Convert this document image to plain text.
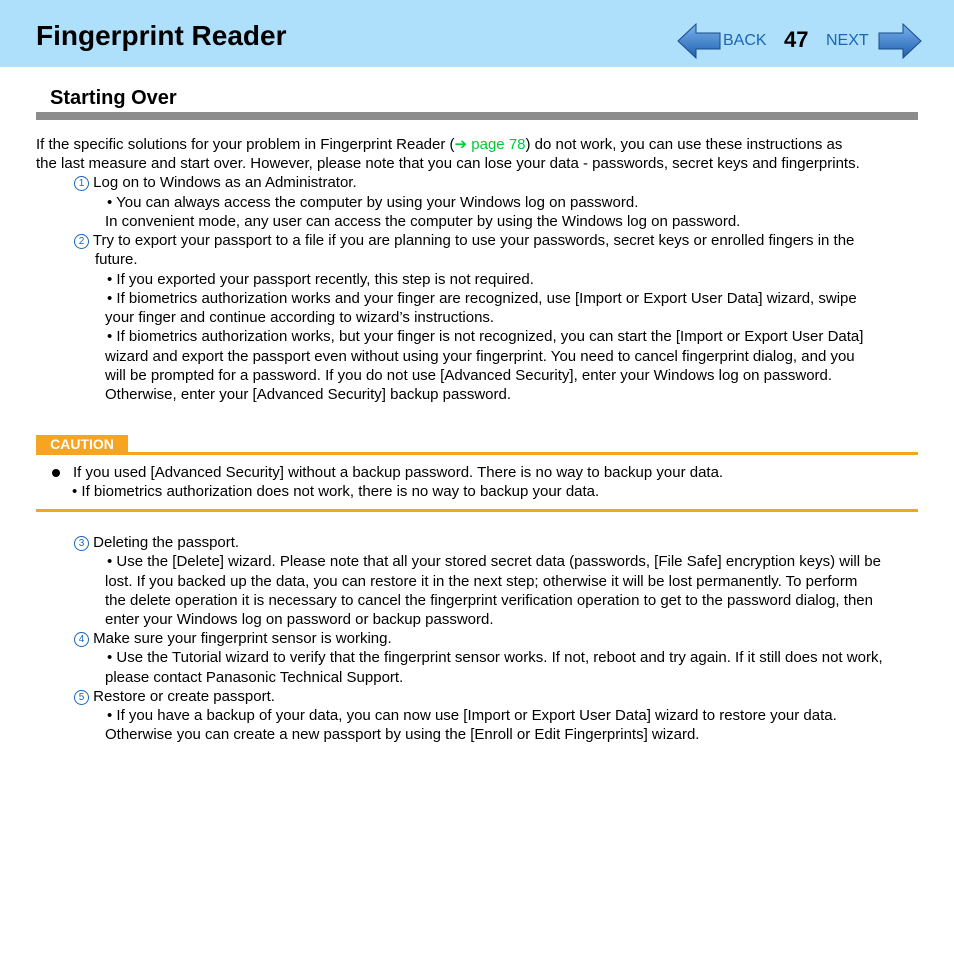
Fingerprint Reader	BACK 47 NEXT
Starting Over
If the specific solutions for your problem in Fingerprint Reader (➔ page 78) do not work, you can use these instructions as
the last measure and start over. However, please note that you can lose your data - passwords, secret keys and fingerprints.
1 Log on to Windows as an Administrator.
• You can always access the computer by using your Windows log on password.
In convenient mode, any user can access the computer by using the Windows log on password.
2 Try to export your passport to a file if you are planning to use your passwords, secret keys or enrolled fingers in the
future.
• If you exported your passport recently, this step is not required.
• If biometrics authorization works and your finger are recognized, use [Import or Export User Data] wizard, swipe
your finger and continue according to wizard’s instructions.
• If biometrics authorization works, but your finger is not recognized, you can start the [Import or Export User Data]
wizard and export the passport even without using your fingerprint. You need to cancel fingerprint dialog, and you
will be prompted for a password. If you do not use [Advanced Security], enter your Windows log on password.
Otherwise, enter your [Advanced Security] backup password.
CAUTION
If you used [Advanced Security] without a backup password. There is no way to backup your data.
• If biometrics authorization does not work, there is no way to backup your data.
3 Deleting the passport.
• Use the [Delete] wizard. Please note that all your stored secret data (passwords, [File Safe] encryption keys) will be
lost. If you backed up the data, you can restore it in the next step; otherwise it will be lost permanently. To perform
the delete operation it is necessary to cancel the fingerprint verification operation to get to the password dialog, then
enter your Windows log on password or backup password.
4 Make sure your fingerprint sensor is working.
• Use the Tutorial wizard to verify that the fingerprint sensor works. If not, reboot and try again. If it still does not work,
please contact Panasonic Technical Support.
5 Restore or create passport.
• If you have a backup of your data, you can now use [Import or Export User Data] wizard to restore your data.
Otherwise you can create a new passport by using the [Enroll or Edit Fingerprints] wizard.
